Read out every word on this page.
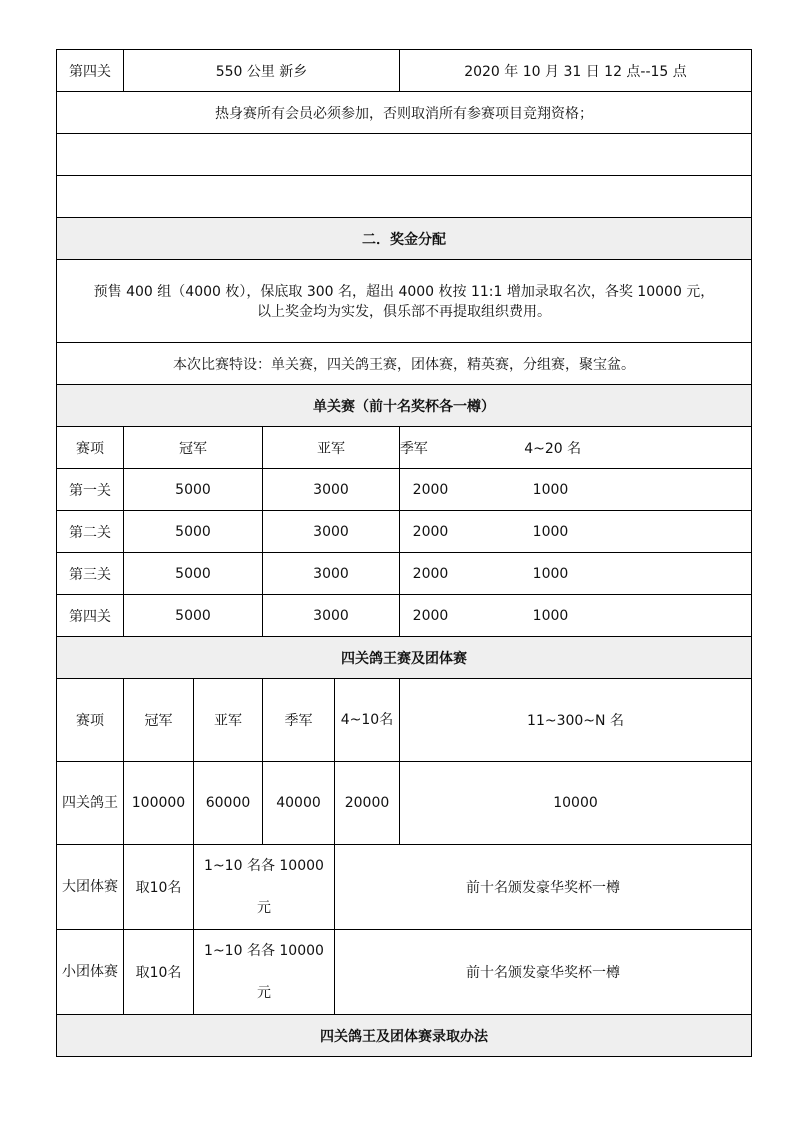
第四关	550 公里 新乡				2020 年 10 月 31 日 12 点--15 点
热身赛所有会员必须参加，否则取消所有参赛项目竞翔资格；					

二．奖金分配					

预售 400 组（4000 枚），保底取 300 名，超出 4000 枚按 11:1 增加录取名次，各奖 10000 元，
以上奖金均为实发，俱乐部不再提取组织费用。					

本次比赛特设：单关赛，四关鸽王赛，团体赛，精英赛，分组赛，聚宝盆。					
单关赛（前十名奖杯各一樽）					
赛项	冠军		亚军		季军 4~20 名
第一关	5000		3000		2000 1000
第二关	5000		3000		2000 1000
第三关	5000		3000		2000 1000
第四关	5000		3000		2000 1000
四关鸽王赛及团体赛					
赛项	冠军	亚军	季军	4~10名	11~300~N 名
四关鸽王	100000	60000	40000	20000	10000
大团体赛	取10名	1~10 名各 10000 元		前十名颁发豪华奖杯一樽	
小团体赛	取10名	1~10 名各 10000 元		前十名颁发豪华奖杯一樽	
四关鸽王及团体赛录取办法					
